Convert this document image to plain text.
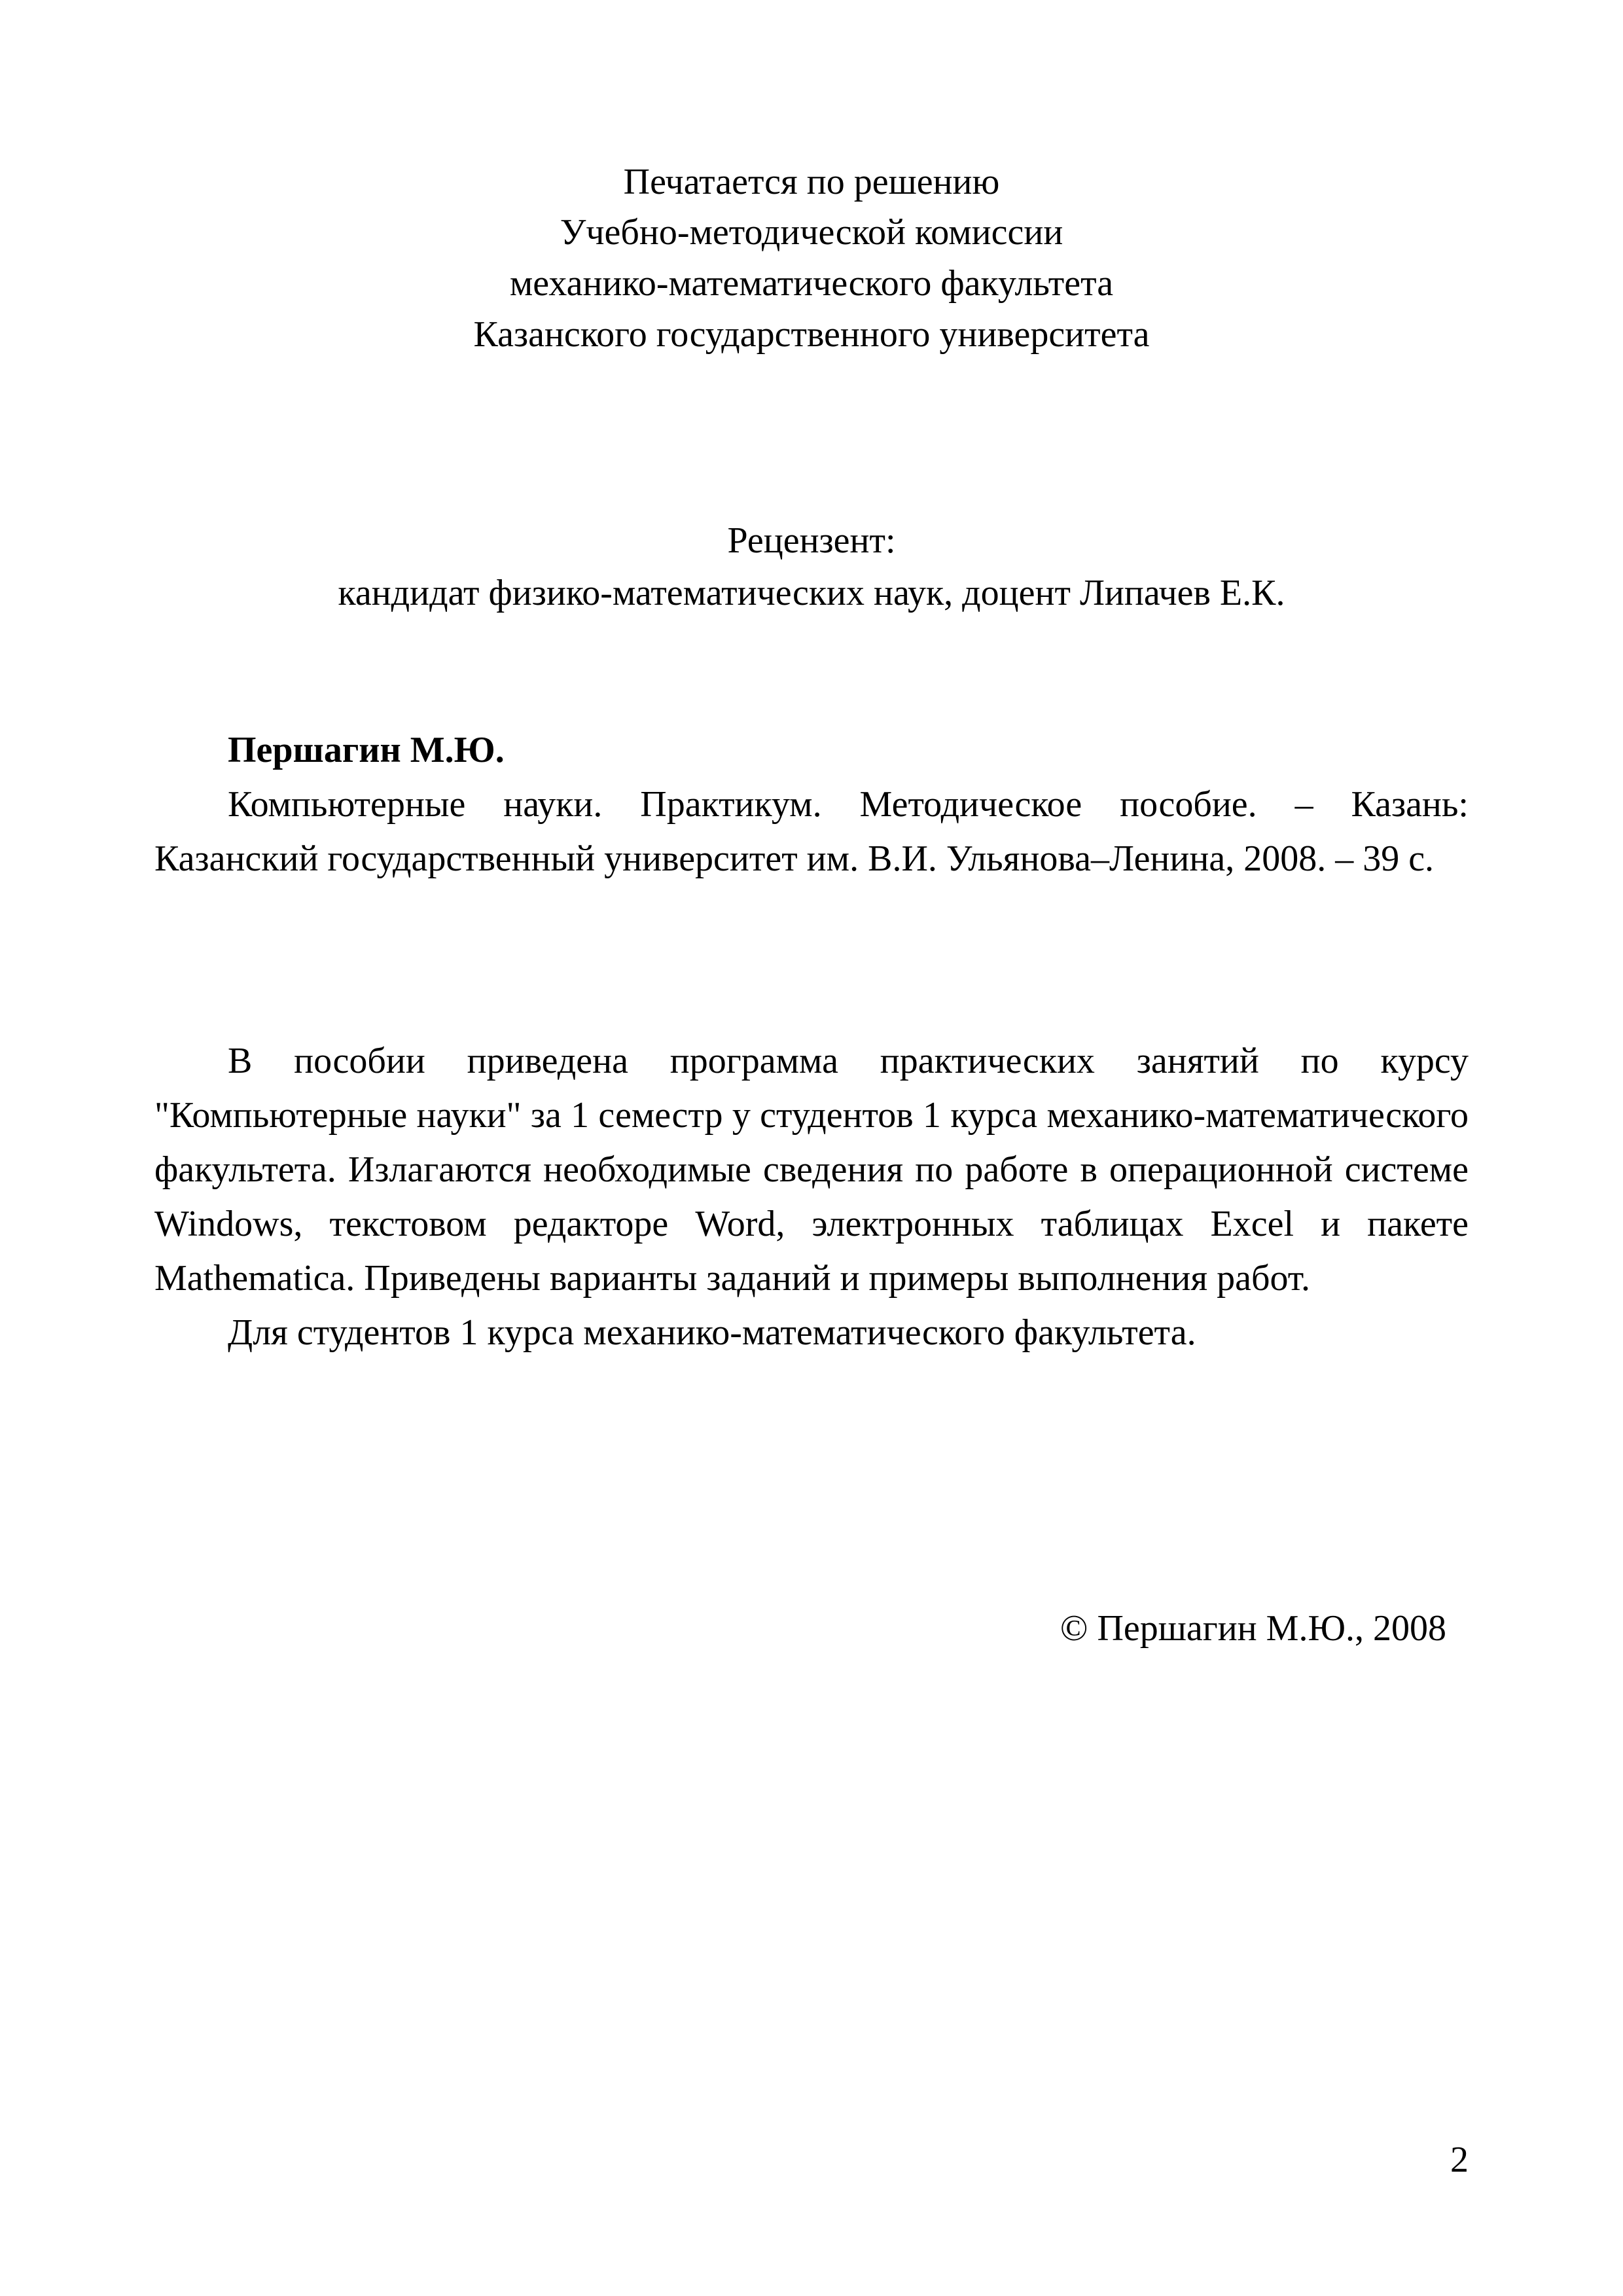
Печатается по решению
Учебно-методической комиссии
механико-математического факультета
Казанского государственного университета
Рецензент:
кандидат физико-математических наук, доцент Липачев Е.К.

Першагин М.Ю.

Компьютерные науки. Практикум. Методическое пособие. – Казань: Казанский государственный университет им. В.И. Ульянова–Ленина, 2008. – 39 с.

В пособии приведена программа практических занятий по курсу "Компьютерные науки" за 1 семестр у студентов 1 курса механико-математического факультета. Излагаются необходимые сведения по работе в операционной системе Windows, текстовом редакторе Word, электронных таблицах Excel и пакете Mathematica. Приведены варианты заданий и примеры выполнения работ.

Для студентов 1 курса механико-математического факультета.

© Першагин М.Ю., 2008
2
